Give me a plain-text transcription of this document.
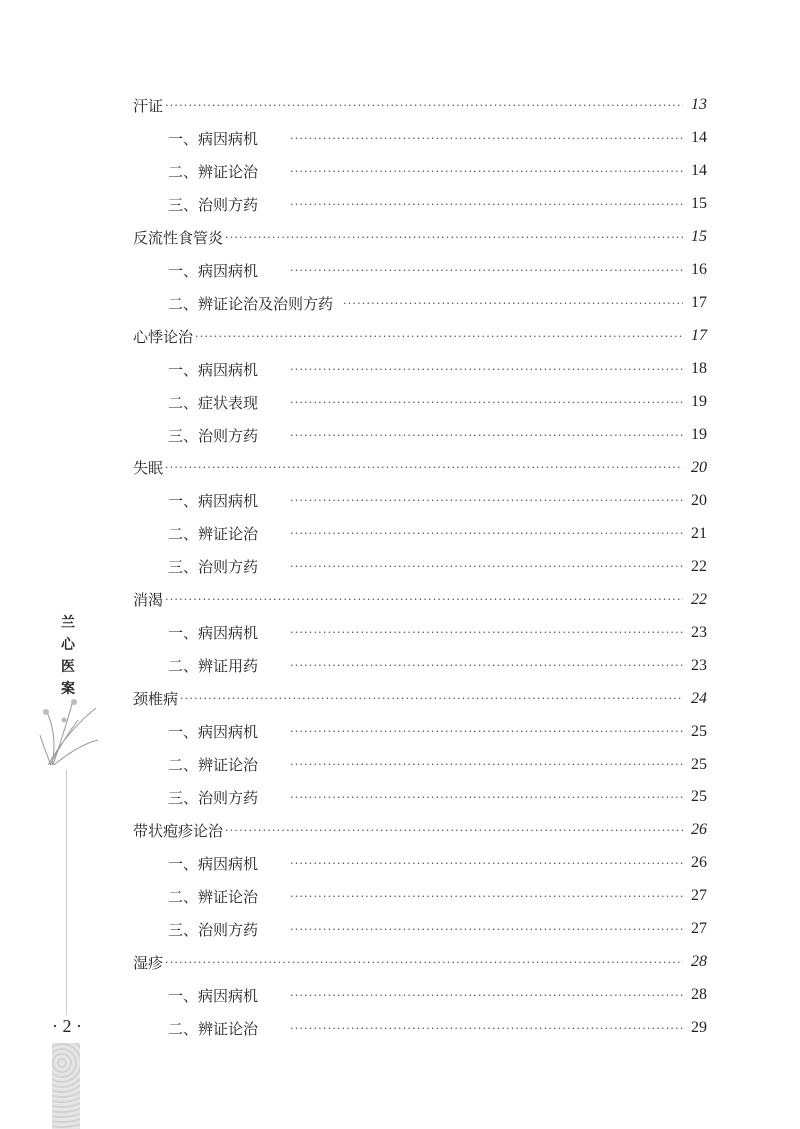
汗证 ·····	13
一、病因病机 ·····	14
二、辨证论治 ·····	14
三、治则方药 ·····	15
反流性食管炎 ·····	15
一、病因病机 ·····	16
二、辨证论治及治则方药 ·····	17
心悸论治 ·····	17
一、病因病机 ·····	18
二、症状表现 ·····	19
三、治则方药 ·····	19
失眠 ·····	20
一、病因病机 ·····	20
二、辨证论治 ·····	21
三、治则方药 ·····	22
消渴 ·····	22
一、病因病机 ·····	23
二、辨证用药 ·····	23
颈椎病 ·····	24
一、病因病机 ·····	25
二、辨证论治 ·····	25
三、治则方药 ·····	25
带状疱疹论治 ·····	26
一、病因病机 ·····	26
二、辨证论治 ·····	27
三、治则方药 ·····	27
湿疹 ·····	28
一、病因病机 ·····	28
二、辨证论治 ·····	29
兰心医案
· 2 ·
